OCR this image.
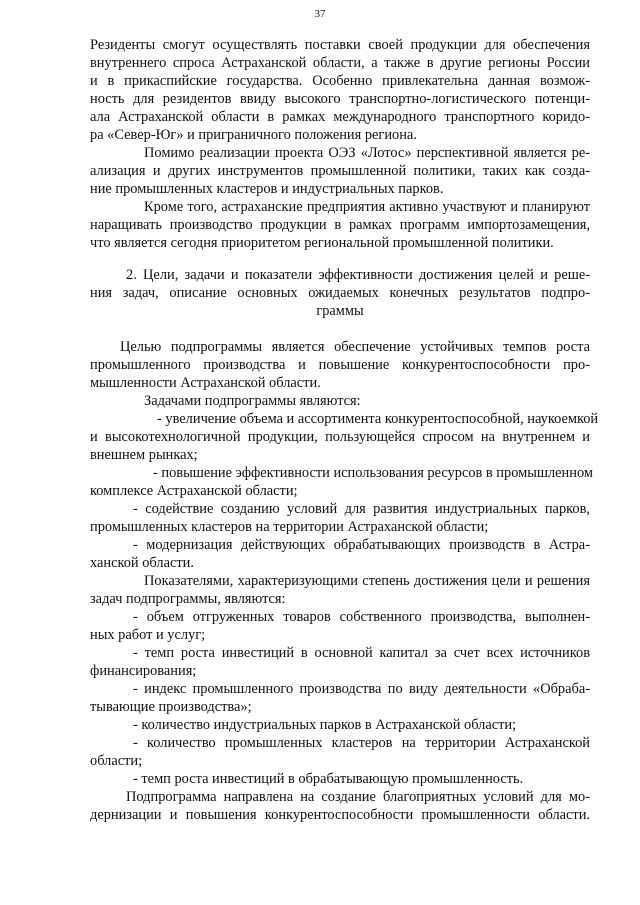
37

Резиденты смогут осуществлять поставки своей продукции для обеспечения

внутреннего спроса Астраханской области, а также в другие регионы России

и в прикаспийские государства. Особенно привлекательна данная возмож-

ность для резидентов ввиду высокого транспортно-логистического потенци-

ала Астраханской области в рамках международного транспортного коридо-

ра «Север-Юг» и приграничного положения региона.

Помимо реализации проекта ОЭЗ «Лотос» перспективной является ре-

ализация и других инструментов промышленной политики, таких как созда-

ние промышленных кластеров и индустриальных парков.

Кроме того, астраханские предприятия активно участвуют и планируют

наращивать производство продукции в рамках программ импортозамещения,

что является сегодня приоритетом региональной промышленной политики.

2. Цели, задачи и показатели эффективности достижения целей и реше-

ния задач, описание основных ожидаемых конечных результатов подпро-

граммы

Целью подпрограммы является обеспечение устойчивых темпов роста

промышленного производства и повышение конкурентоспособности про-

мышленности Астраханской области.

Задачами подпрограммы являются:

- увеличение объема и ассортимента конкурентоспособной, наукоемкой

и высокотехнологичной продукции, пользующейся спросом на внутреннем и

внешнем рынках;

- повышение эффективности использования ресурсов в промышленном

комплексе Астраханской области;

- содействие созданию условий для развития индустриальных парков,

промышленных кластеров на территории Астраханской области;

- модернизация действующих обрабатывающих производств в Астра-

ханской области.

Показателями, характеризующими степень достижения цели и решения

задач подпрограммы, являются:

- объем отгруженных товаров собственного производства, выполнен-

ных работ и услуг;

- темп роста инвестиций в основной капитал за счет всех источников

финансирования;

- индекс промышленного производства по виду деятельности «Обраба-

тывающие производства»;

- количество индустриальных парков в Астраханской области;

- количество промышленных кластеров на территории Астраханской

области;

- темп роста инвестиций в обрабатывающую промышленность.

Подпрограмма направлена на создание благоприятных условий для мо-

дернизации и повышения конкурентоспособности промышленности области.
